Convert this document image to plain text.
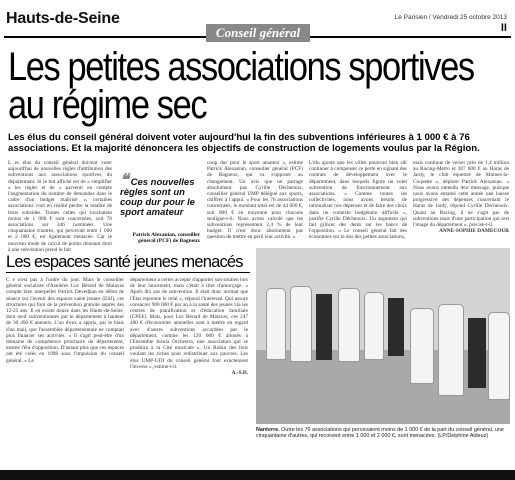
Hauts-de-Seine	Le Parisien / Vendredi 25 octobre 2013
II
Conseil général
Les petites associations sportives au régime sec
Les élus du conseil général doivent voter aujourd'hui la fin des subventions inférieures à 1 000 € à 76 associations. Et la majorité dénoncera les objectifs de construction de logements voulus par la Région.
L es élus du conseil général doivent voter aujourd'hui de nouvelles règles d'attribution des subventions aux associations sportives du département. Si le but affiché est de « simplifier » les règles et de « parvenir en compte l'augmentation du nombre de demandes dans le cadre d'un budget maîtrisé », certaines associations vont en réalité perdre la totalité de leurs subsides. Toutes celles qui touchaient moins de 1 000 € sont concernées, soit 76 associations sur 346 nominées. Une cinquantaine d'autres, qui percevait entre 1 000 et 2 000 €, est également menacée. Car le nouveau mode de calcul de points donnant droit à une subvention prend le fait
❝ Ces nouvelles règles sont un coup dur pour le sport amateur
Patrick Alexanian, conseiller général (PCF) de Bagneux
coup dur pour le sport amateur », estime Patrick Alexanian, conseiller général (PCF) de Bagneux, qui va s'opposer au changement. Un avis que ne partage absolument pas Cyrille Déchenoix, conseiller général UMP délégué aux sports, chiffres à l'appui. « Pour les 76 associations concernées, le montant total est de 44 000 €, soit 800 € en moyenne pour chacune seuligne-t-il. Nous avons calculé que les subventions représentent 2,4 % de leur budget. Il n'est donc absolument pas question de mettre en péril leur activité. »
L'élu ajoute que les villes pourront bien sûr continuer à compenser ce perte en signant des contrats de développement avec le département, dans lesquels figure un volet subvention de fonctionnement aux associations. « Comme toutes les collectivités, nous avons besoin de rationaliser nos dépenses et de faire des choix dans un contexte budgétaire difficile », justifie Cyrille Déchenoix. Un argument qui fait grincer des dents sur les bancs de l'opposition. « Le conseil général fait des économies sur le dos des petites associations,
mais continue de verser près de 1,4 million au Racing-Metro et 307 000 € au Haras de Jardy, le club équestre de Marnes-la-Coquette », déplore Patrick Alexanian. « Nous avons entendu leur message, puisque nous avons entamé cette année une baisse progressive des dépenses concernant le Haras de Jardy, répond Cyrille Déchenoix. Quant au Racing, il ne s'agit pas de subventions mais d'une participation qui sert l'image du département », précise-t-il.
ANNE-SOPHIE DAMECOUR
Les espaces santé jeunes menacés
C e n'est pas à l'ordre du jour. Mais le conseiller général socialiste d'Asnières Luc Bérard de Malavas compte bien interpeller Patrick Devedjian en début de séance sur l'avenir des espaces santé jeunes (ESJ), ces structures qui font de la prévention gratuite auprès des 12-25 ans. Il en existe douze dans les Hauts-de-Seine, dont neuf subventionnés par le département à hauteur de 30 490 € annuels. L'un d'eux a appris, par le biais d'un mail, que l'assemblée départementale ne comptait plus financer ses activités. « Il s'agit peut-être d'un domaine de compétence prioritaire du département, estime l'élu d'opposition. D'autant plus que ces espaces ont été créés en 1998 sous l'impulsion du conseil général. » Le
département a certes accepté d'apporter son soutien lors de leur lancement, mais c'était à titre d'amorçage. « Après dix ans de subvention. Il était donc normal que l'État reprenne le relai », répond l'intéressé. Qui assure consacrer 900 000 € par an à la santé des jeunes via les centres de planification et d'éducation familiale (CPEF). Mais, pour Luc Bérard de Malavas, ces 247 490 € d'économies annuelles sont à mettre en regard avec d'autres subventions accordées par le département, comme les 120 000 € alloués à l'Ensemble Insula Orchestra, une association qui se produira à la Cité musicale ». Un Robin des bois voulant les riches pour redistribuer aux pauvres. Les élus UMP-UDI du conseil général font exactement l'inverse », estime-t-il.
A.-S.D.
Nanterre. Outre les 76 associations qui percevaient moins de 1 000 € de la part du conseil général, une cinquantaine d'autres, qui recoivent entre 1 000 et 2 000 €, sont menacées. (LP/Delphine Aldeuz)
